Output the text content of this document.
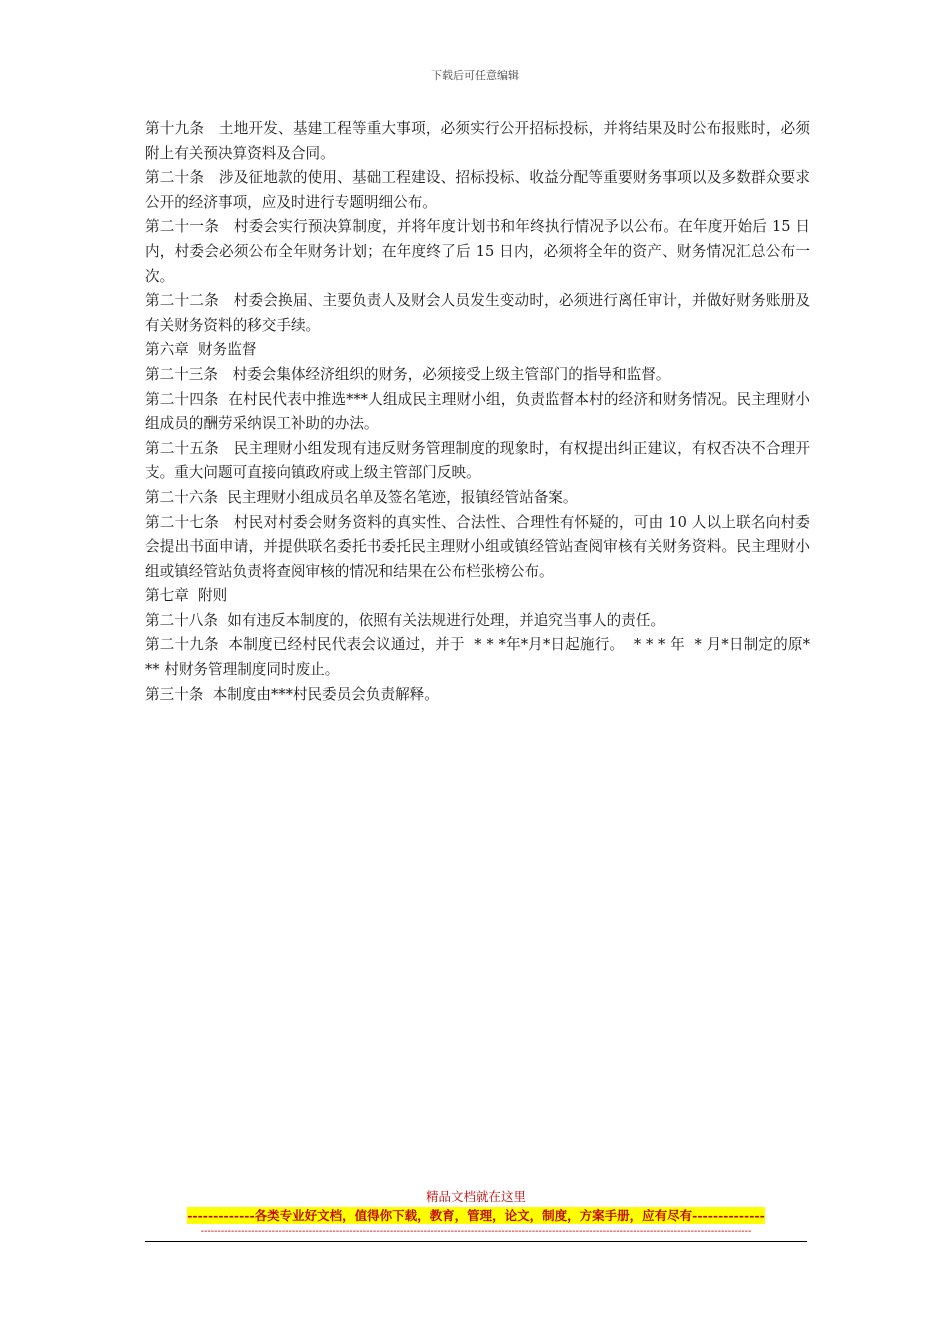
下载后可任意编辑

第十九条　土地开发、基建工程等重大事项，必须实行公开招标投标，并将结果及时公布报账时，必须附上有关预决算资料及合同。

第二十条　涉及征地款的使用、基础工程建设、招标投标、收益分配等重要财务事项以及多数群众要求公开的经济事项，应及时进行专题明细公布。

第二十一条　村委会实行预决算制度，并将年度计划书和年终执行情况予以公布。在年度开始后 15 日内，村委会必须公布全年财务计划；在年度终了后 15 日内，必须将全年的资产、财务情况汇总公布一次。

第二十二条　村委会换届、主要负责人及财会人员发生变动时，必须进行离任审计，并做好财务账册及有关财务资料的移交手续。

第六章  财务监督

第二十三条　村委会集体经济组织的财务，必须接受上级主管部门的指导和监督。

第二十四条  在村民代表中推选***人组成民主理财小组，负责监督本村的经济和财务情况。民主理财小组成员的酬劳采纳误工补助的办法。

第二十五条　民主理财小组发现有违反财务管理制度的现象时，有权提出纠正建议，有权否决不合理开支。重大问题可直接向镇政府或上级主管部门反映。

第二十六条  民主理财小组成员名单及签名笔迹，报镇经管站备案。

第二十七条　村民对村委会财务资料的真实性、合法性、合理性有怀疑的，可由 10 人以上联名向村委会提出书面申请，并提供联名委托书委托民主理财小组或镇经管站查阅审核有关财务资料。民主理财小组或镇经管站负责将查阅审核的情况和结果在公布栏张榜公布。

第七章  附则

第二十八条  如有违反本制度的，依照有关法规进行处理，并追究当事人的责任。

第二十九条  本制度已经村民代表会议通过，并于  * * *年*月*日起施行。  * * * 年  * 月*日制定的原* ** 村财务管理制度同时废止。

第三十条  本制度由***村民委员会负责解释。

精品文档就在这里
-------------各类专业好文档，值得你下载，教育，管理，论文，制度，方案手册，应有尽有--------------
-------------------------------------------------------------------------------------------------------------------------------------------------------------------
